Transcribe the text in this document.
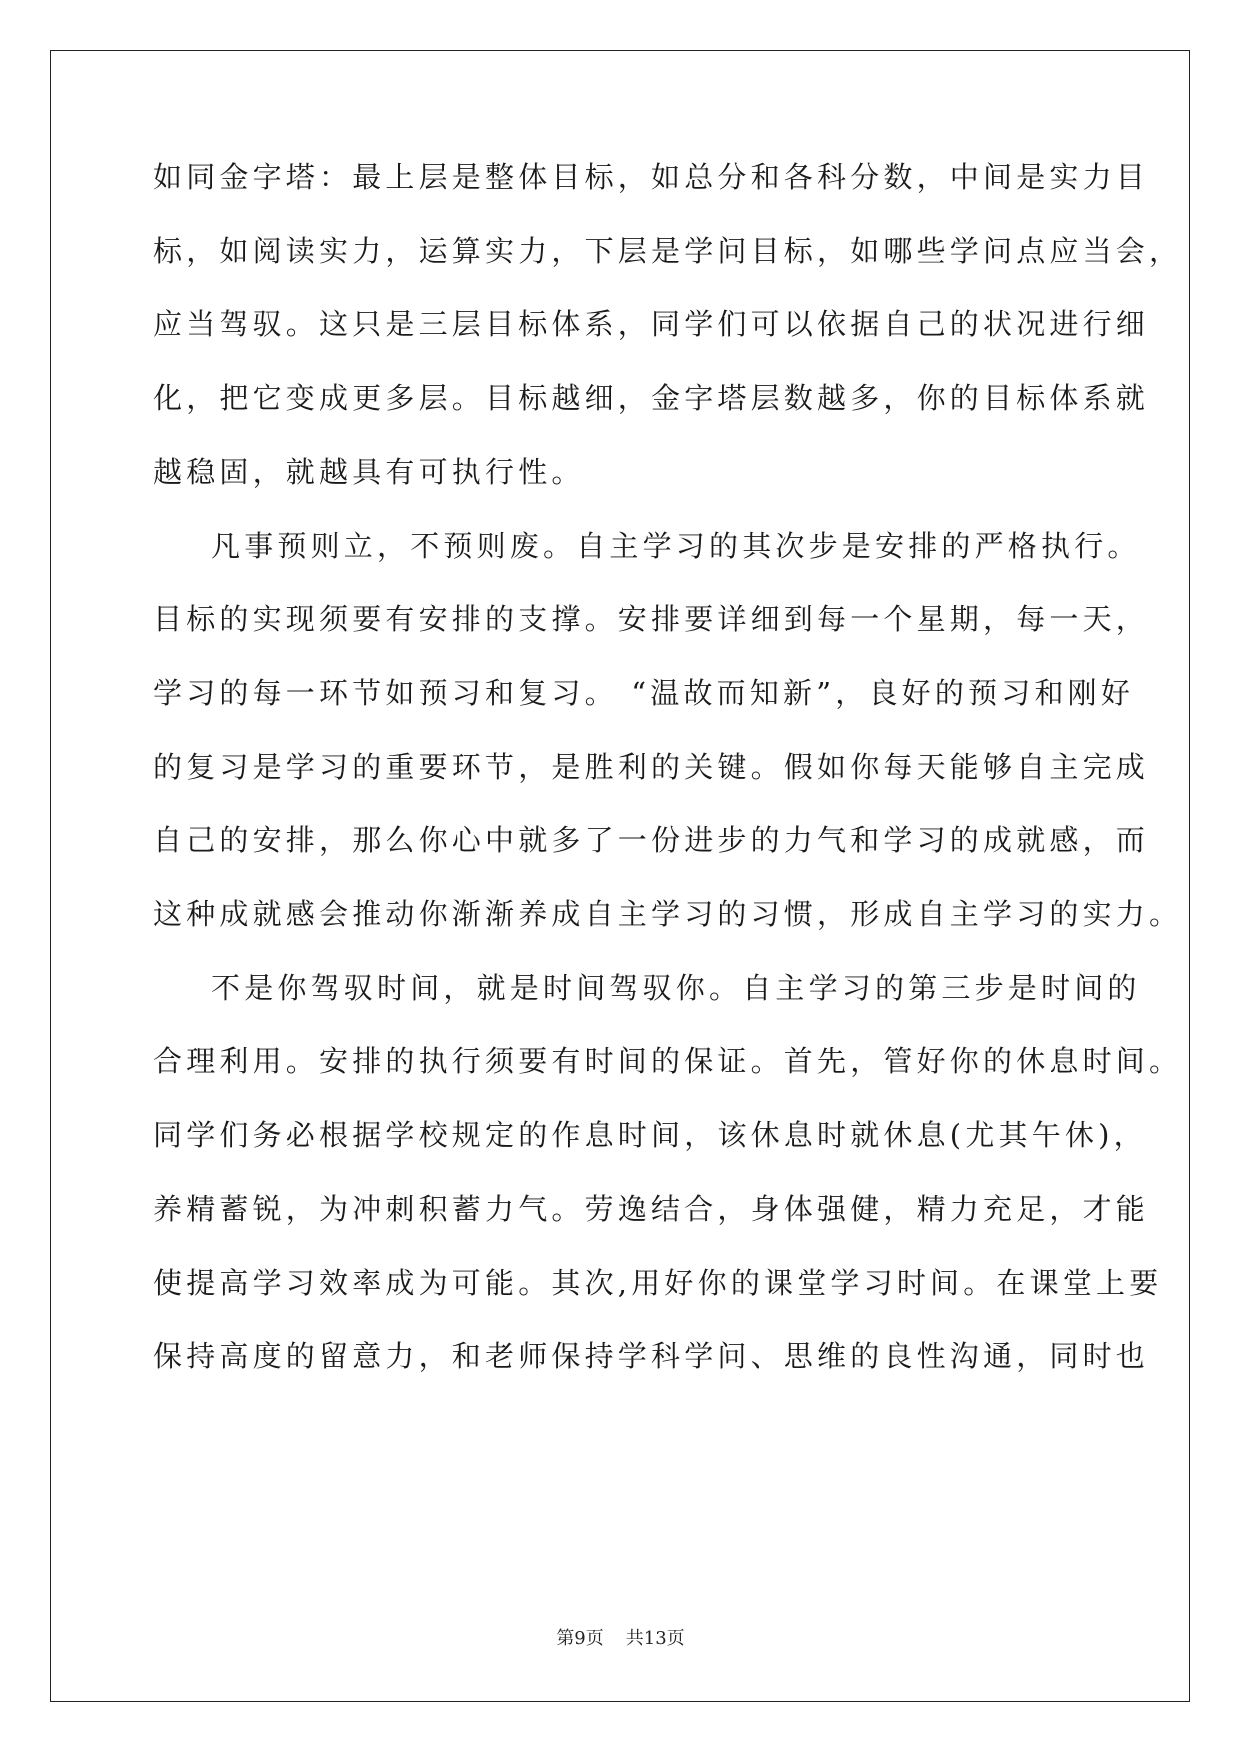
如同金字塔：最上层是整体目标，如总分和各科分数，中间是实力目
标，如阅读实力，运算实力，下层是学问目标，如哪些学问点应当会，
应当驾驭。这只是三层目标体系，同学们可以依据自己的状况进行细
化，把它变成更多层。目标越细，金字塔层数越多，你的目标体系就
越稳固，就越具有可执行性。
凡事预则立，不预则废。自主学习的其次步是安排的严格执行。
目标的实现须要有安排的支撑。安排要详细到每一个星期，每一天，
学习的每一环节如预习和复习。 “温故而知新”，良好的预习和刚好
的复习是学习的重要环节，是胜利的关键。假如你每天能够自主完成
自己的安排，那么你心中就多了一份进步的力气和学习的成就感，而
这种成就感会推动你渐渐养成自主学习的习惯，形成自主学习的实力。
不是你驾驭时间，就是时间驾驭你。自主学习的第三步是时间的
合理利用。安排的执行须要有时间的保证。首先，管好你的休息时间。
同学们务必根据学校规定的作息时间，该休息时就休息(尤其午休)，
养精蓄锐，为冲刺积蓄力气。劳逸结合，身体强健，精力充足，才能
使提高学习效率成为可能。其次,用好你的课堂学习时间。在课堂上要
保持高度的留意力，和老师保持学科学问、思维的良性沟通，同时也
第9页 共13页
